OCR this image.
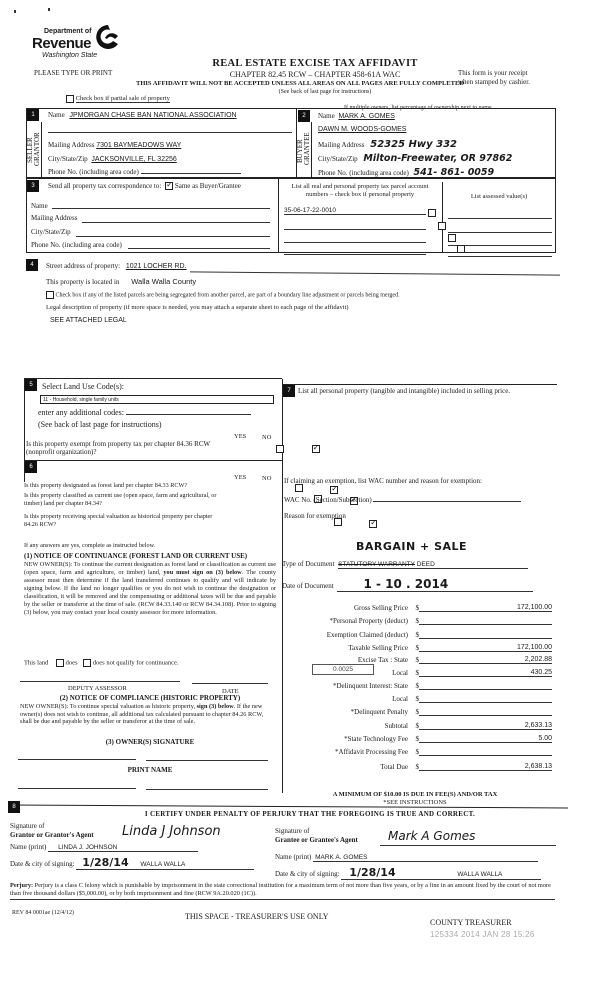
Department of
Revenue
Washington State
PLEASE TYPE OR PRINT
REAL ESTATE EXCISE TAX AFFIDAVIT
CHAPTER 82.45 RCW – CHAPTER 458-61A WAC	This form is your receipt
when stamped by cashier.
THIS AFFIDAVIT WILL NOT BE ACCEPTED UNLESS ALL AREAS ON ALL PAGES ARE FULLY COMPLETED
(See back of last page for instructions)
Check box if partial sale of property
If multiple owners, list percentage of ownership next to name
1
SELLER GRANTOR
Name JPMORGAN CHASE BAN NATIONAL ASSOCIATION
Mailing Address 7301 BAYMEADOWS WAY
City/State/Zip JACKSONVILLE, FL 32256
Phone No. (including area code)
2
BUYER GRANTEE
Name MARK A. GOMES
DAWN M. WOODS-GOMES
Mailing Address 52325 Hwy 332
City/State/Zip Milton-Freewater, OR 97862
Phone No. (including area code) 541- 861- 0059
3	Send all property tax correspondence to: ✓ Same as Buyer/Grantee
Name
Mailing Address
City/State/Zip
Phone No. (including area code)
List all real and personal property tax parcel account numbers – check box if personal property	List assessed value(s)
35-06-17-22-0010

4	Street address of property: 1021 LOCHER RD.
This property is located in Walla Walla County
Check box if any of the listed parcels are being segregated from another parcel, are part of a boundary line adjustment or parcels being merged.
Legal description of property (if more space is needed, you may attach a separate sheet to each page of the affidavit)
SEE ATTACHED LEGAL
5	Select Land Use Code(s):
11 - Household, single family units
enter any additional codes:
(See back of last page for instructions)
YES NO
Is this property exempt from property tax per chapter 84.36 RCW (nonprofit organization)?
✓
6
YES NO
Is this property designated as forest land per chapter 84.33 RCW?
✓
Is this property classified as current use (open space, farm and agricultural, or timber) land per chapter 84.34?
✓
Is this property receiving special valuation as historical property per chapter 84.26 RCW?
✓
If any answers are yes, complete as instructed below.
(1) NOTICE OF CONTINUANCE (FOREST LAND OR CURRENT USE)
NEW OWNER(S): To continue the current designation as forest land or classification as current use (open space, farm and agriculture, or timber) land, you must sign on (3) below. The county assessor must then determine if the land transferred continues to qualify and will indicate by signing below. If the land no longer qualifies or you do not wish to continue the designation or classification, it will be removed and the compensating or additional taxes will be due and payable by the seller or transferor at the time of sale. (RCW 84.33.140 or RCW 84.34.108). Prior to signing (3) below, you may contact your local county assessor for more information.
This land	does does not qualify for continuance.
DEPUTY ASSESSOR	DATE
(2) NOTICE OF COMPLIANCE (HISTORIC PROPERTY)
NEW OWNER(S): To continue special valuation as historic property, sign (3) below. If the new owner(s) does not wish to continue, all additional tax calculated pursuant to chapter 84.26 RCW, shall be due and payable by the seller or transferor at the time of sale.
(3) OWNER(S) SIGNATURE
PRINT NAME
7	List all personal property (tangible and intangible) included in selling price.
If claiming an exemption, list WAC number and reason for exemption:
WAC No. (Section/Subsection)
Reason for exemption
BARGAIN + SALE
Type of Document STATUTORY WARRANTY DEED
Date of Document 1 - 10 . 2014
Gross Selling Price	$	172,100.00
*Personal Property (deduct)	$
Exemption Claimed (deduct)	$
Taxable Selling Price	$	172,100.00
Excise Tax : State	$	2,202.88
0.0025	Local	$	430.25
*Delinquent Interest: State	$
Local	$
*Delinquent Penalty	$
Subtotal	$	2,633.13
*State Technology Fee	$	5.00
*Affidavit Processing Fee	$
Total Due	$	2,638.13
A MINIMUM OF $10.00 IS DUE IN FEE(S) AND/OR TAX
*SEE INSTRUCTIONS
8
I CERTIFY UNDER PENALTY OF PERJURY THAT THE FOREGOING IS TRUE AND CORRECT.
Signature of
Grantor or Grantor's Agent Linda J Johnson
Name (print) LINDA J. JOHNSON
Date & city of signing: 1/28/14 WALLA WALLA
Signature of
Grantee or Grantee's Agent	Mark A Gomes
Name (print) MARK A. GOMES
Date & city of signing: 1/28/14	WALLA WALLA
Perjury: Perjury is a class C felony which is punishable by imprisonment in the state correctional institution for a maximum term of not more than five years, or by a fine in an amount fixed by the court of not more than five thousand dollars ($5,000.00), or by both imprisonment and fine (RCW 9A.20.020 (1C)).
REV 84 0001ae (12/4/12)	THIS SPACE - TREASURER'S USE ONLY
COUNTY TREASURER
125334 2014 JAN 28 15:26
